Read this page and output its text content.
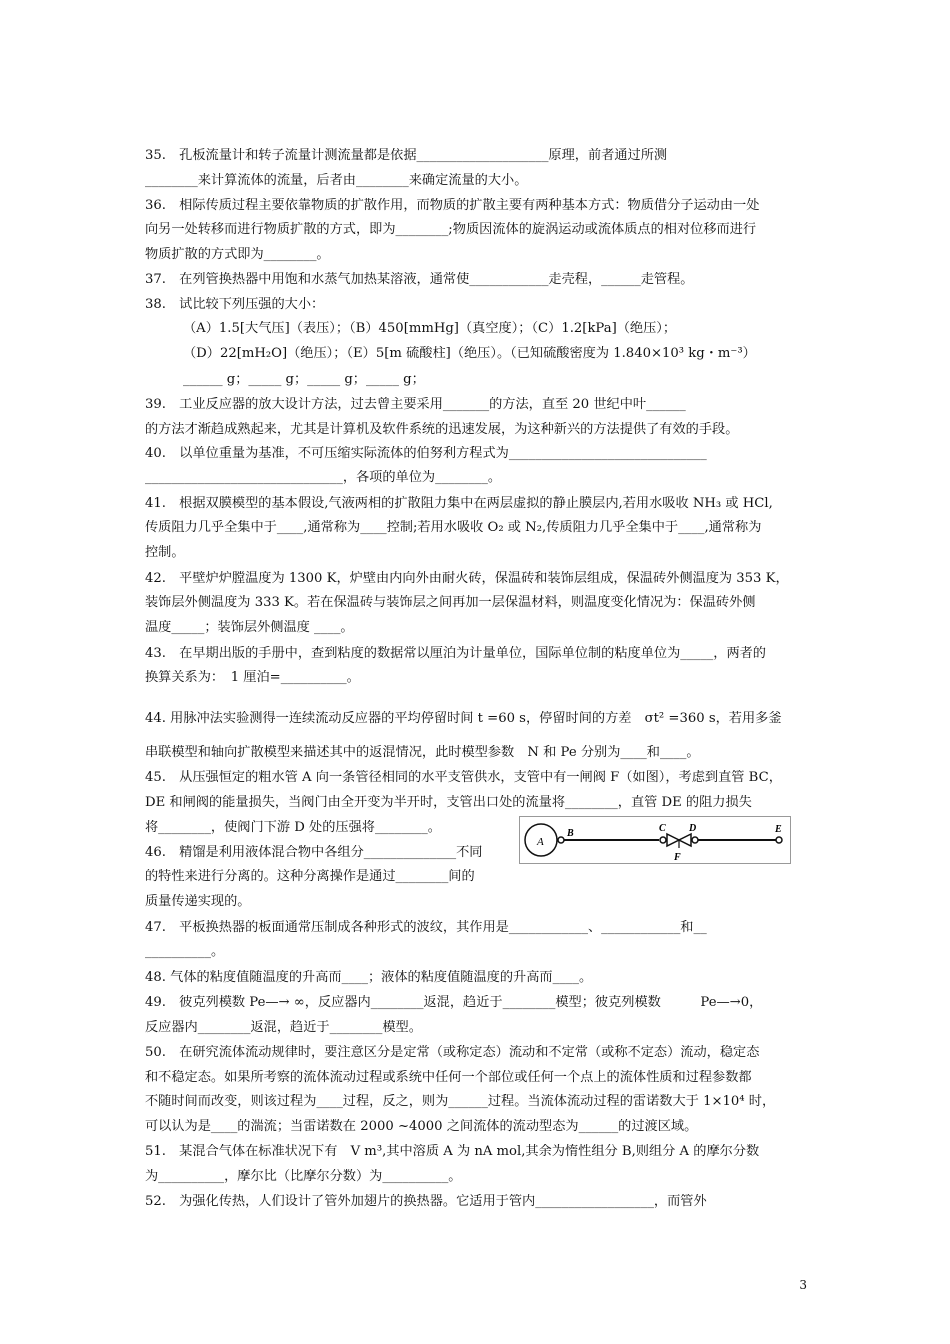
35.　孔板流量计和转子流量计测流量都是依据____________________原理，前者通过所测
________来计算流体的流量，后者由________来确定流量的大小。
36.　相际传质过程主要依靠物质的扩散作用，而物质的扩散主要有两种基本方式：物质借分子运动由一处
向另一处转移而进行物质扩散的方式，即为________;物质因流体的旋涡运动或流体质点的相对位移而进行
物质扩散的方式即为________。
37.　在列管换热器中用饱和水蒸气加热某溶液，通常使____________走壳程，______走管程。
38.　试比较下列压强的大小：
（A）1.5[大气压]（表压）；（B）450[mmHg]（真空度）；（C）1.2[kPa]（绝压）；
（D）22[mH₂O]（绝压）；（E）5[m 硫酸柱]（绝压）。（已知硫酸密度为 1.840×10³ kg・m⁻³）
______ g；_____ g；_____ g；_____ g；
39.　工业反应器的放大设计方法，过去曾主要采用_______的方法，直至 20 世纪中叶______
的方法才渐趋成熟起来，尤其是计算机及软件系统的迅速发展，为这种新兴的方法提供了有效的手段。
40.　以单位重量为基准，不可压缩实际流体的伯努利方程式为______________________________
______________________________，各项的单位为________。
41.　根据双膜模型的基本假设,气液两相的扩散阻力集中在两层虚拟的静止膜层内,若用水吸收 NH₃ 或 HCl,
传质阻力几乎全集中于____,通常称为____控制;若用水吸收 O₂ 或 N₂,传质阻力几乎全集中于____,通常称为
控制。
42.　平壁炉炉膛温度为 1300 K，炉壁由内向外由耐火砖，保温砖和装饰层组成，保温砖外侧温度为 353 K，
装饰层外侧温度为 333 K。若在保温砖与装饰层之间再加一层保温材料，则温度变化情况为：保温砖外侧
温度_____；装饰层外侧温度 ____。
43.　在早期出版的手册中，查到粘度的数据常以厘泊为计量单位，国际单位制的粘度单位为_____，两者的
换算关系为：　1 厘泊=__________。
44. 用脉冲法实验测得一连续流动反应器的平均停留时间 t̄ =60 s，停留时间的方差　σt² =360 s，若用多釜
串联模型和轴向扩散模型来描述其中的返混情况，此时模型参数　N 和 Pe 分别为____和____。
45.　从压强恒定的粗水管 A 向一条管径相同的水平支管供水，支管中有一闸阀 F（如图），考虑到直管 BC，
DE 和闸阀的能量损失，当阀门由全开变为半开时，支管出口处的流量将________，直管 DE 的阻力损失
将________，使阀门下游 D 处的压强将________。
46.　精馏是利用液体混合物中各组分______________不同
的特性来进行分离的。这种分离操作是通过________间的
质量传递实现的。
47.　平板换热器的板面通常压制成各种形式的波纹，其作用是____________、____________和__
__________。
48. 气体的粘度值随温度的升高而____；液体的粘度值随温度的升高而____。
49.　彼克列模数 Pe—→ ∞，反应器内________返混，趋近于________模型；彼克列模数　　　Pe—→0，
反应器内________返混，趋近于________模型。
50.　在研究流体流动规律时，要注意区分是定常（或称定态）流动和不定常（或称不定态）流动，稳定态
和不稳定态。如果所考察的流体流动过程或系统中任何一个部位或任何一个点上的流体性质和过程参数都
不随时间而改变，则该过程为____过程，反之，则为______过程。当流体流动过程的雷诺数大于 1×10⁴ 时，
可以认为是____的湍流；当雷诺数在 2000 ~4000 之间流体的流动型态为______的过渡区域。
51.　某混合气体在标准状况下有　V m³,其中溶质 A 为 nA mol,其余为惰性组分 B,则组分 A 的摩尔分数
为__________，摩尔比（比摩尔分数）为__________。
52.　为强化传热，人们设计了管外加翅片的换热器。它适用于管内__________________，而管外
A
B	C
F
D	E
3
